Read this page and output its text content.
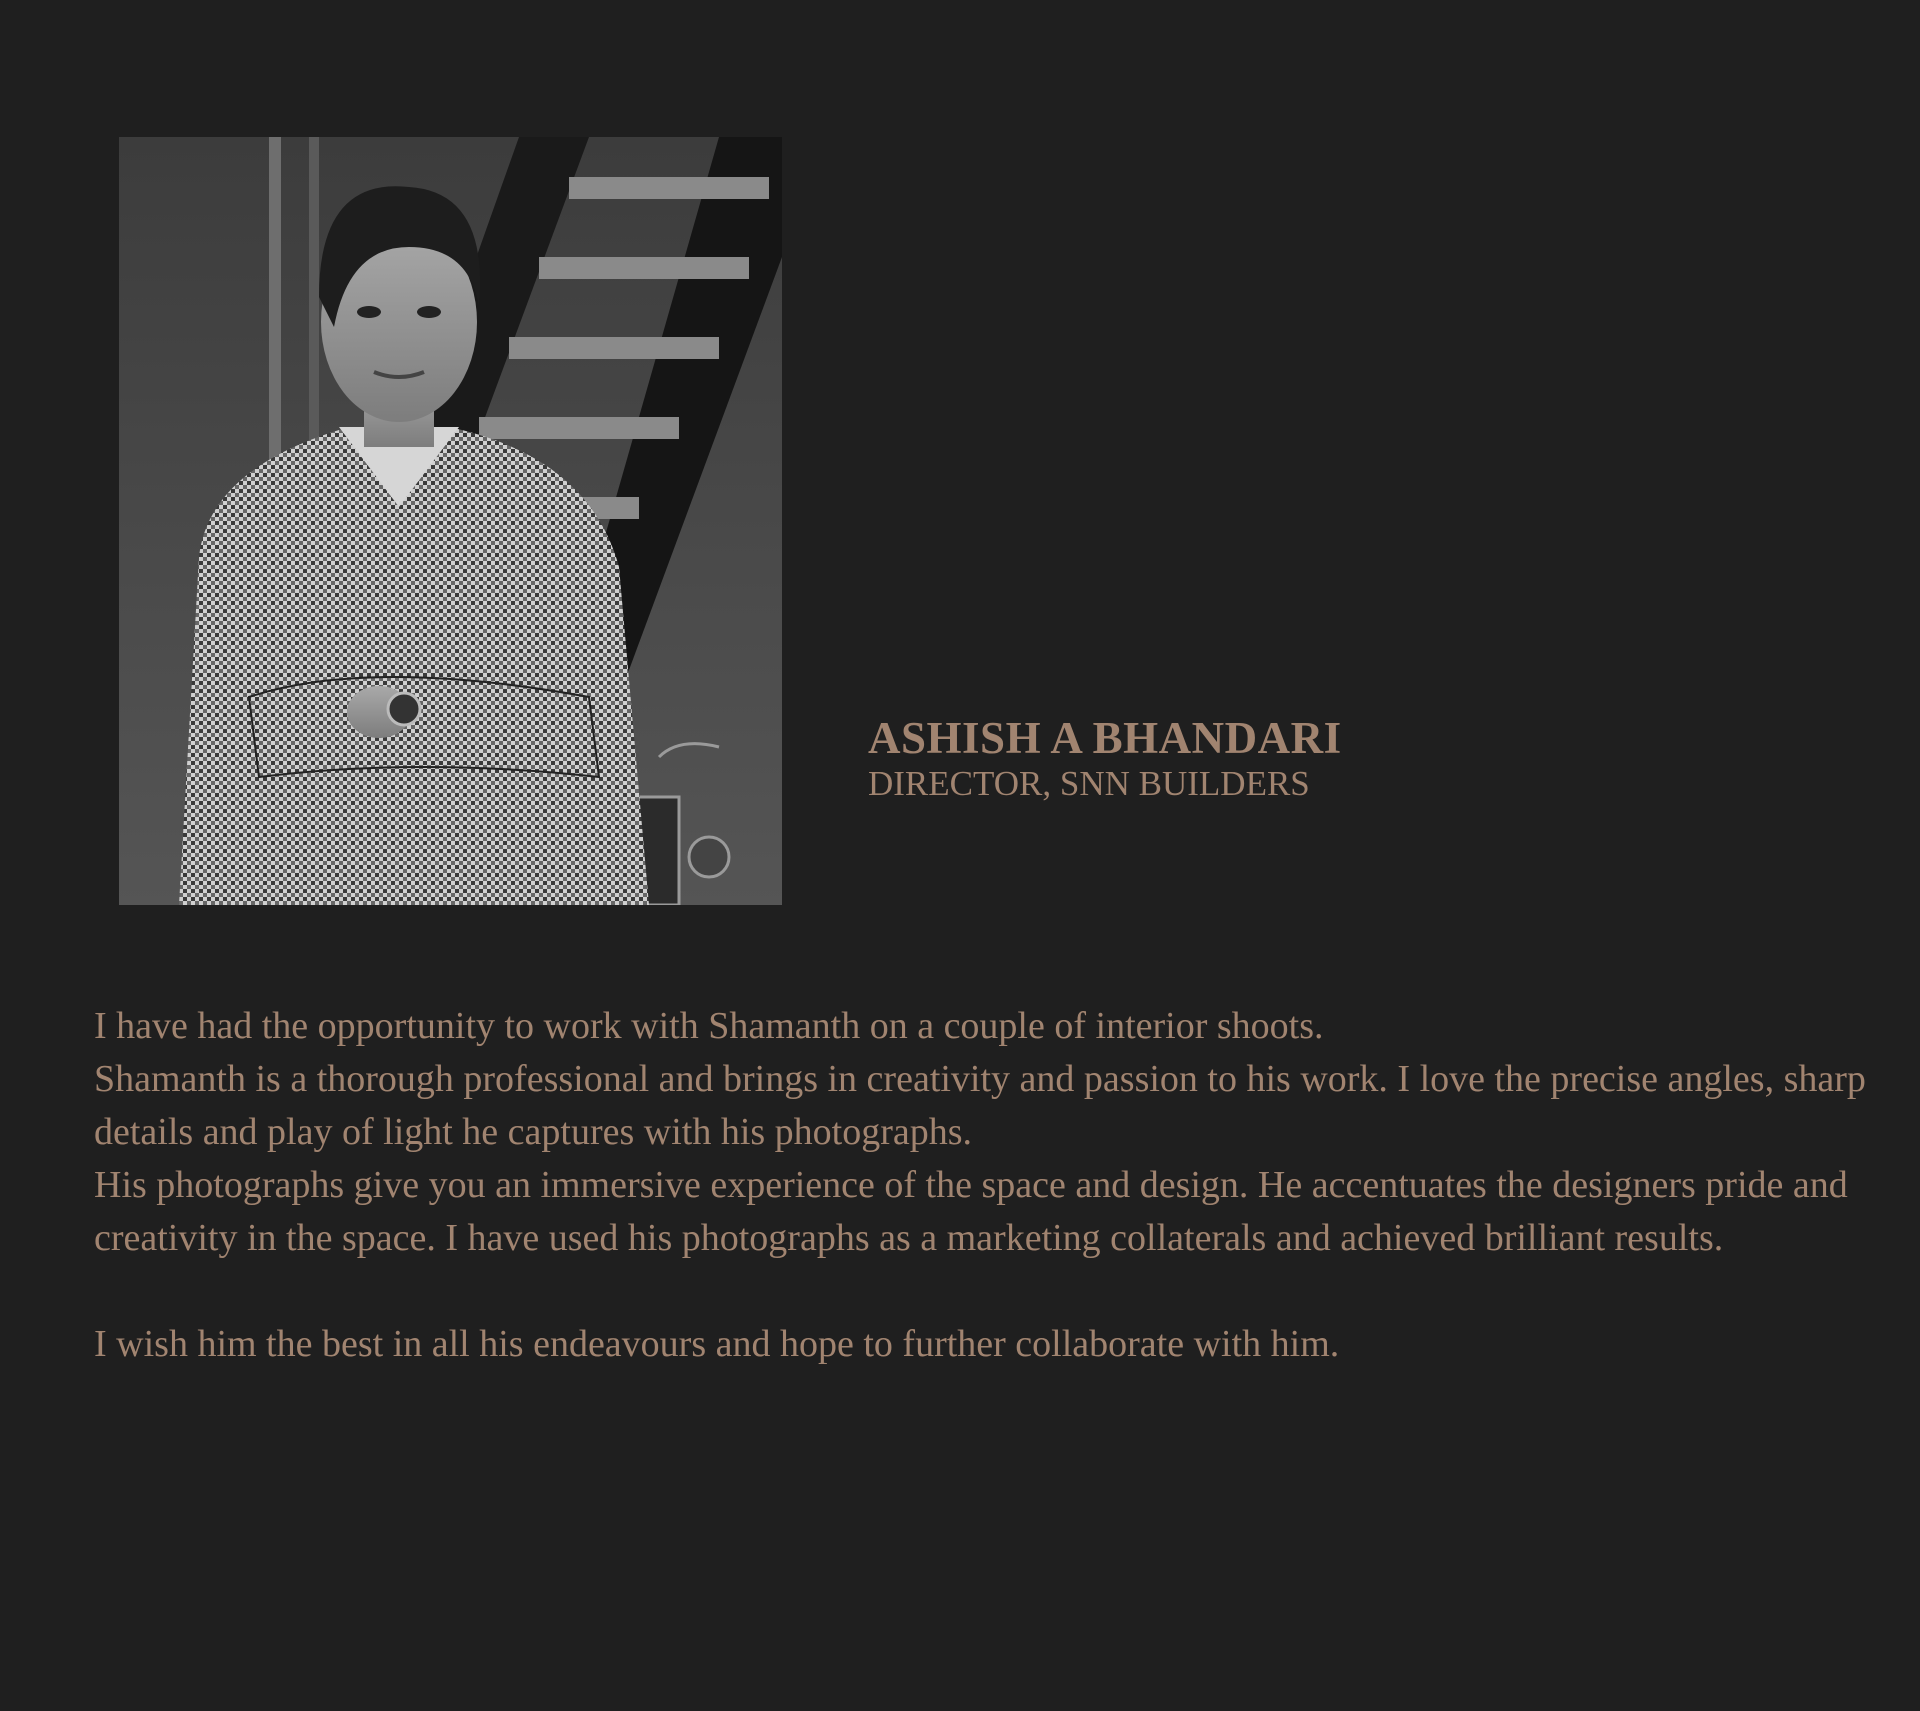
ASHISH A BHANDARI

DIRECTOR, SNN BUILDERS

I have had the opportunity to work with Shamanth on a couple of interior shoots.

Shamanth is a thorough professional and brings in creativity and passion to his work. I love the precise angles, sharp details and play of light he captures with his photographs.

His photographs give you an immersive experience of the space and design. He accentuates the designers pride and creativity in the space. I have used his photographs as a marketing collaterals and achieved brilliant results.

I wish him the best in all his endeavours and hope to further collaborate with him.
